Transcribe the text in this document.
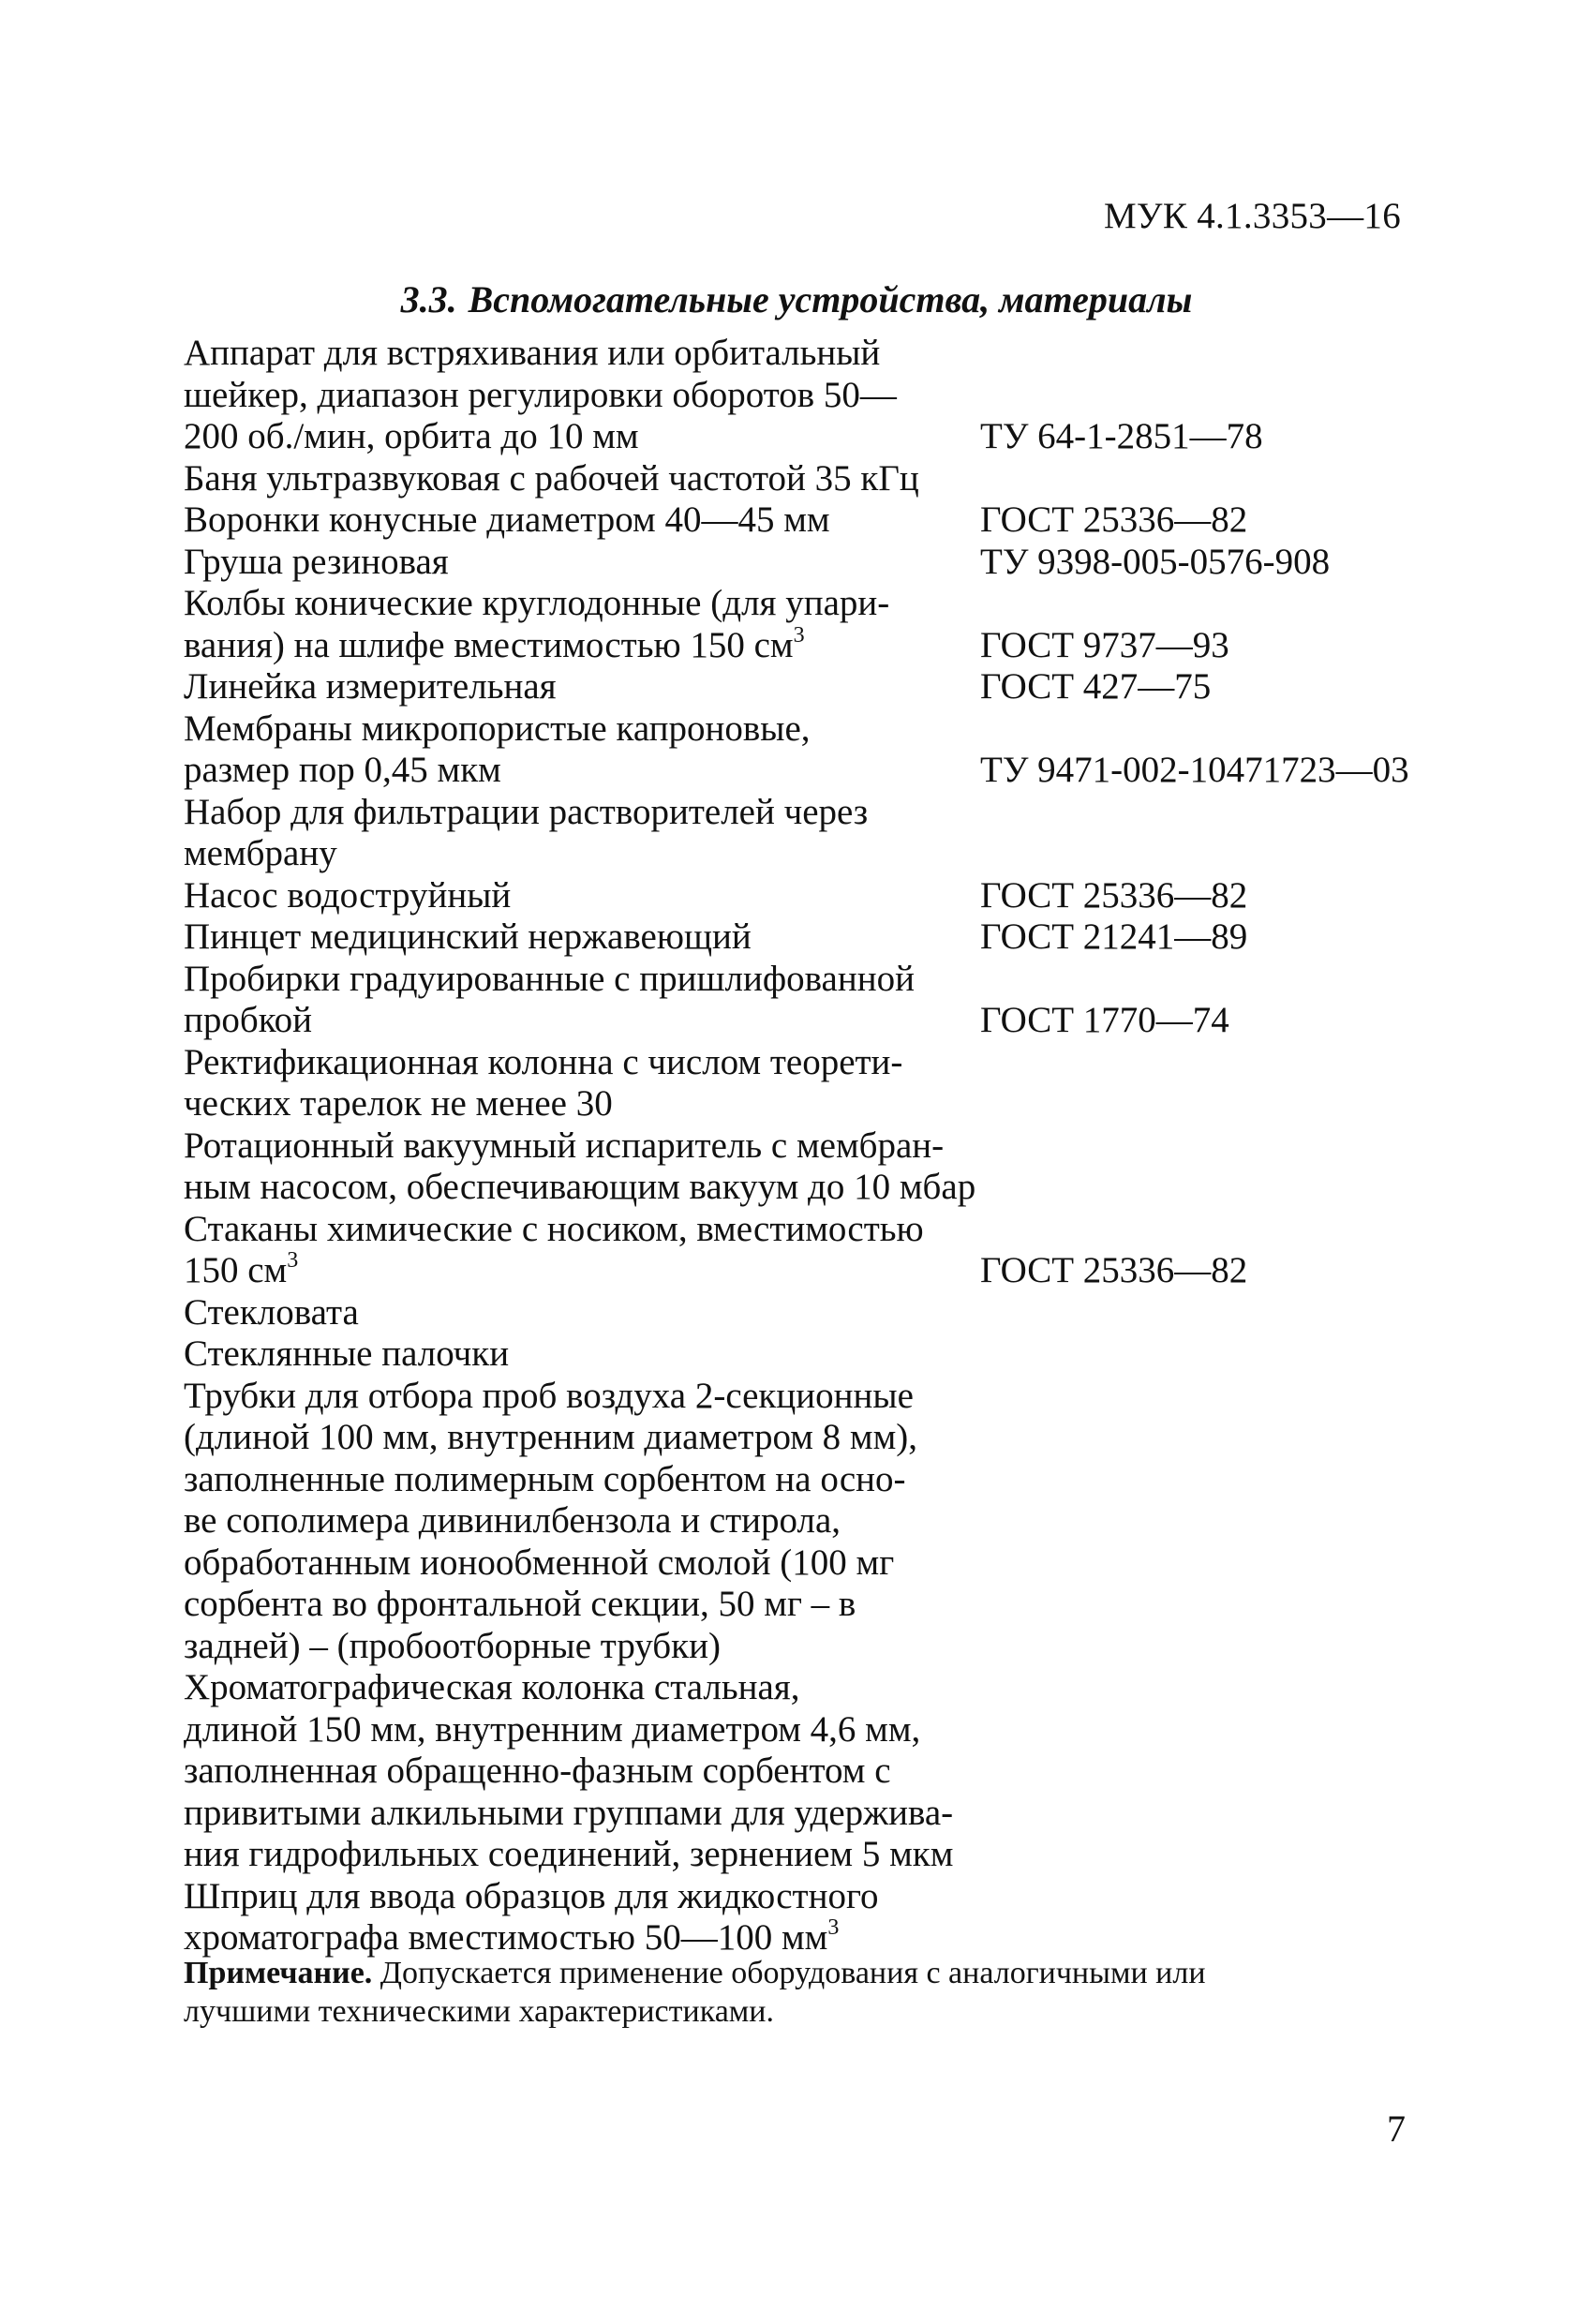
МУК 4.1.3353—16

3.3. Вспомогательные устройства, материалы
Аппарат для встряхивания или орбитальный
шейкер, диапазон регулировки оборотов 50—
200 об./мин, орбита до 10 мм	ТУ 64-1-2851—78
Баня ультразвуковая с рабочей частотой 35 кГц
Воронки конусные диаметром 40—45 мм	ГОСТ 25336—82
Груша резиновая	ТУ 9398-005-0576-908
Колбы конические круглодонные (для упари-
вания) на шлифе вместимостью 150 $см^3$	ГОСТ 9737—93
Линейка измерительная	ГОСТ 427—75
Мембраны микропористые капроновые,
размер пор 0,45 мкм	ТУ 9471-002-10471723—03
Набор для фильтрации растворителей через
мембрану
Насос водоструйный	ГОСТ 25336—82
Пинцет медицинский нержавеющий	ГОСТ 21241—89
Пробирки градуированные с пришлифованной
пробкой	ГОСТ 1770—74
Ректификационная колонна с числом теорети-
ческих тарелок не менее 30
Ротационный вакуумный испаритель с мембран-
ным насосом, обеспечивающим вакуум до 10 мбар
Стаканы химические с носиком, вместимостью
150 $см^3$	ГОСТ 25336—82
Стекловата
Стеклянные палочки
Трубки для отбора проб воздуха 2-секционные
(длиной 100 мм, внутренним диаметром 8 мм),
заполненные полимерным сорбентом на осно-
ве сополимера дивинилбензола и стирола,
обработанным ионообменной смолой (100 мг
сорбента во фронтальной секции, 50 мг – в
задней) – (пробоотборные трубки)
Хроматографическая колонка стальная,
длиной 150 мм, внутренним диаметром 4,6 мм,
заполненная обращенно-фазным сорбентом с
привитыми алкильными группами для удержива-
ния гидрофильных соединений, зернением 5 мкм
Шприц для ввода образцов для жидкостного
хроматографа вместимостью 50—100 $мм^3$

Примечание. Допускается применение оборудования с аналогичными или
лучшими техническими характеристиками.

7
